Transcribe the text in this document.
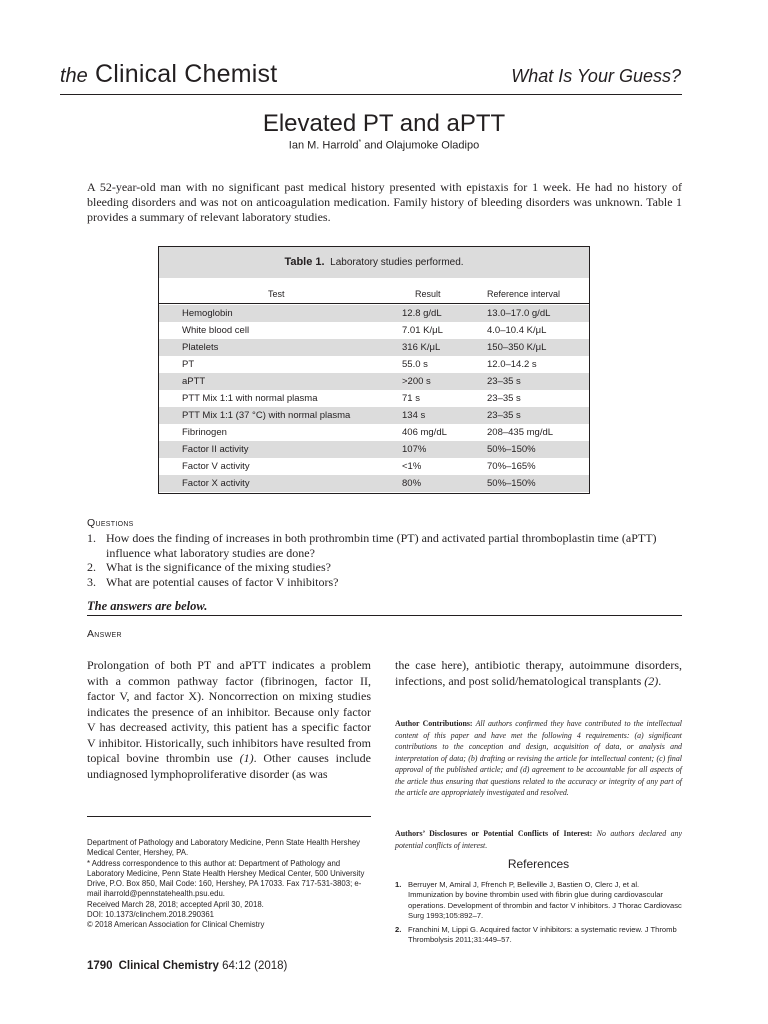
the Clinical Chemist	What Is Your Guess?
Elevated PT and aPTT
Ian M. Harrold* and Olajumoke Oladipo
A 52-year-old man with no significant past medical history presented with epistaxis for 1 week. He had no history of bleeding disorders and was not on anticoagulation medication. Family history of bleeding disorders was unknown. Table 1 provides a summary of relevant laboratory studies.
Table 1. Laboratory studies performed.
Test	Result	Reference interval
Hemoglobin	12.8 g/dL	13.0–17.0 g/dL
White blood cell	7.01 K/μL	4.0–10.4 K/μL
Platelets	316 K/μL	150–350 K/μL
PT	55.0 s	12.0–14.2 s
aPTT	>200 s	23–35 s
PTT Mix 1:1 with normal plasma	71 s	23–35 s
PTT Mix 1:1 (37 °C) with normal plasma	134 s	23–35 s
Fibrinogen	406 mg/dL	208–435 mg/dL
Factor II activity	107%	50%–150%
Factor V activity	<1%	70%–165%
Factor X activity	80%	50%–150%
Questions
1. How does the finding of increases in both prothrombin time (PT) and activated partial thromboplastin time (aPTT) influence what laboratory studies are done?
2. What is the significance of the mixing studies?
3. What are potential causes of factor V inhibitors?
The answers are below.
Answer
Prolongation of both PT and aPTT indicates a problem with a common pathway factor (fibrinogen, factor II, factor V, and factor X). Noncorrection on mixing studies indicates the presence of an inhibitor. Because only factor V has decreased activity, this patient has a specific factor V inhibitor. Historically, such inhibitors have resulted from topical bovine thrombin use (1). Other causes include undiagnosed lymphoproliferative disorder (as was
the case here), antibiotic therapy, autoimmune disorders, infections, and post solid/hematological transplants (2).
Department of Pathology and Laboratory Medicine, Penn State Health Hershey Medical Center, Hershey, PA.
* Address correspondence to this author at: Department of Pathology and Laboratory Medicine, Penn State Health Hershey Medical Center, 500 University Drive, P.O. Box 850, Mail Code: 160, Hershey, PA 17033. Fax 717-531-3803; e-mail iharrold@pennstatehealth.psu.edu.
Received March 28, 2018; accepted April 30, 2018.
DOI: 10.1373/clinchem.2018.290361
© 2018 American Association for Clinical Chemistry
Author Contributions: All authors confirmed they have contributed to the intellectual content of this paper and have met the following 4 requirements: (a) significant contributions to the conception and design, acquisition of data, or analysis and interpretation of data; (b) drafting or revising the article for intellectual content; (c) final approval of the published article; and (d) agreement to be accountable for all aspects of the article thus ensuring that questions related to the accuracy or integrity of any part of the article are appropriately investigated and resolved.
Authors’ Disclosures or Potential Conflicts of Interest: No authors declared any potential conflicts of interest.
References
1. Berruyer M, Amiral J, Ffrench P, Belleville J, Bastien O, Clerc J, et al. Immunization by bovine thrombin used with fibrin glue during cardiovascular operations. Development of thrombin and factor V inhibitors. J Thorac Cardiovasc Surg 1993;105:892–7.
2. Franchini M, Lippi G. Acquired factor V inhibitors: a systematic review. J Thromb Thrombolysis 2011;31:449–57.
1790 Clinical Chemistry 64:12 (2018)
